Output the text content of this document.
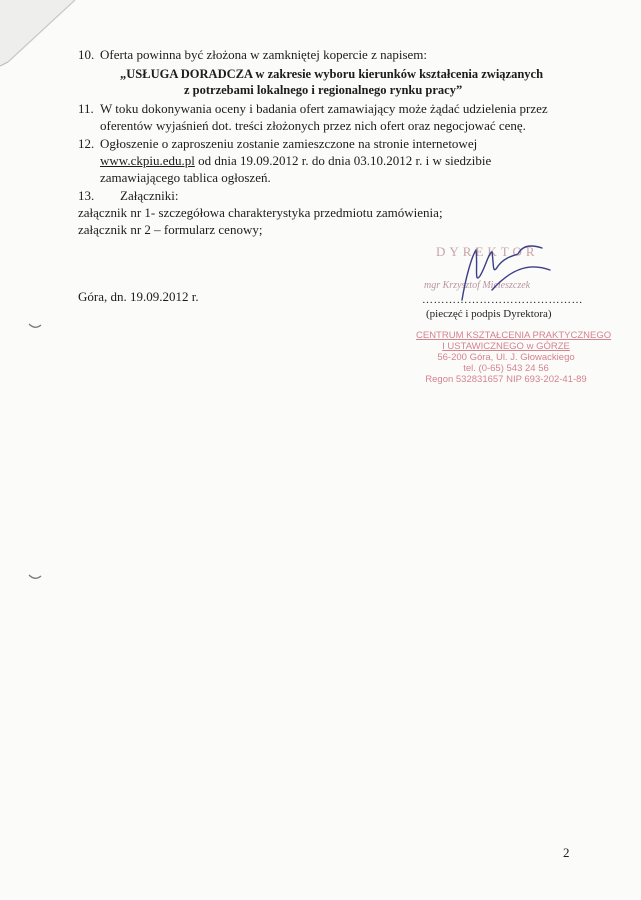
10. Oferta powinna być złożona w zamkniętej kopercie z napisem:
„USŁUGA DORADCZA w zakresie wyboru kierunków kształcenia związanych
z potrzebami lokalnego i regionalnego rynku pracy”
11. W toku dokonywania oceny i badania ofert zamawiający może żądać udzielenia przez
oferentów wyjaśnień dot. treści złożonych przez nich ofert oraz negocjować cenę.
12. Ogłoszenie o zaproszeniu zostanie zamieszczone na stronie internetowej
www.ckpiu.edu.pl od dnia 19.09.2012 r. do dnia 03.10.2012 r. i w siedzibie
zamawiającego tablica ogłoszeń.
13. Załączniki:
załącznik nr 1- szczegółowa charakterystyka przedmiotu zamówienia;
załącznik nr 2 – formularz cenowy;
Góra, dn. 19.09.2012 r.
DYREKTOR
mgr Krzysztof Mieleszczek
……………………………………
(pieczęć i podpis Dyrektora)
CENTRUM KSZTAŁCENIA PRAKTYCZNEGO
I USTAWICZNEGO w GÓRZE
56-200 Góra, Ul. J. Głowackiego
tel. (0-65) 543 24 56
Regon 532831657 NIP 693-202-41-89
2
